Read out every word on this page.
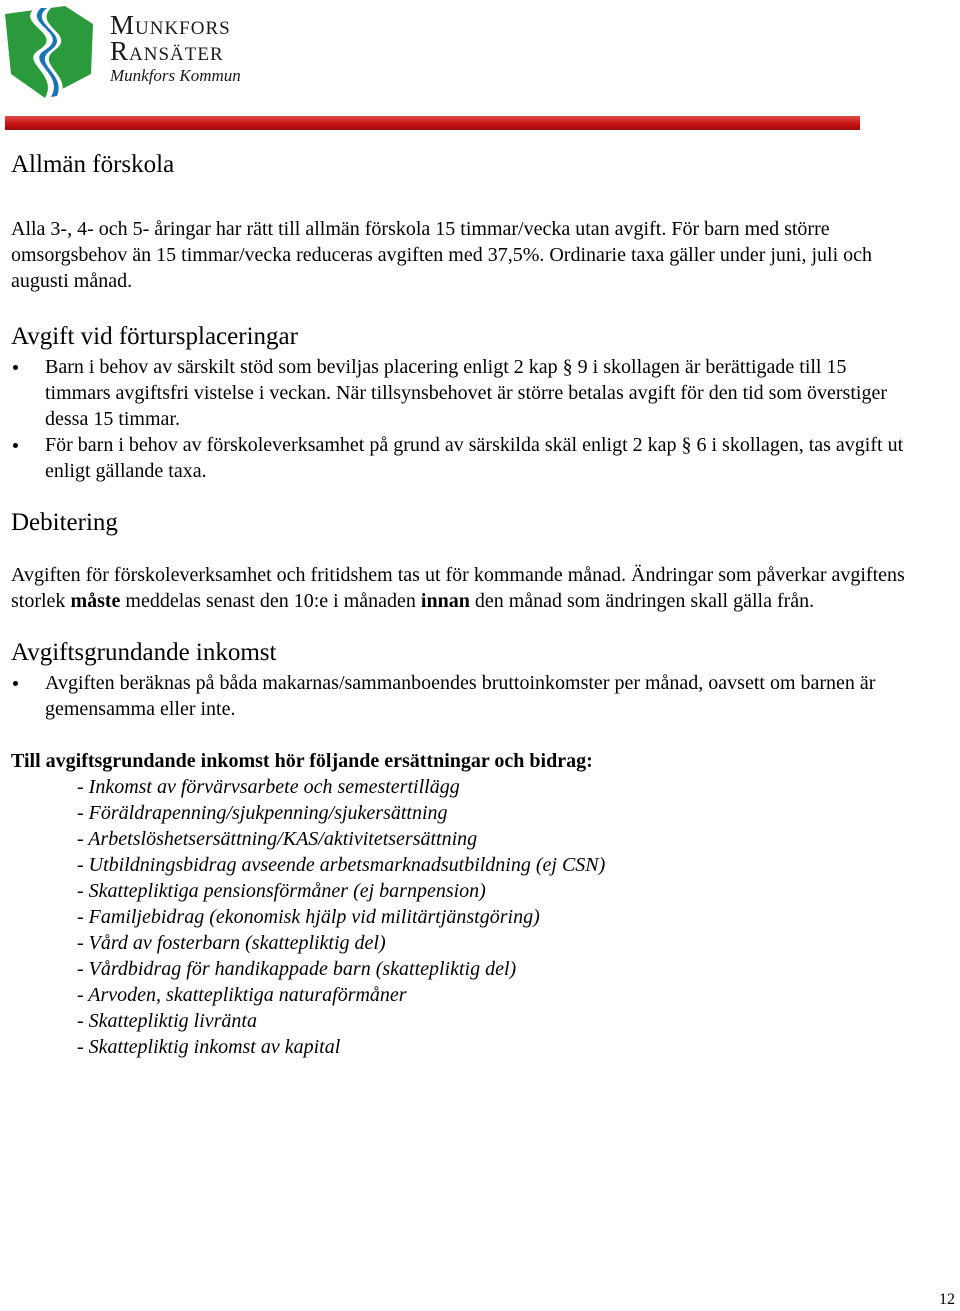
Munkfors
Ransäter
Munkfors Kommun
Allmän förskola

Alla 3-, 4- och 5- åringar har rätt till allmän förskola 15 timmar/vecka utan avgift. För barn med större omsorgsbehov än 15 timmar/vecka reduceras avgiften med 37,5%. Ordinarie taxa gäller under juni, juli och augusti månad.

Avgift vid förtursplaceringar
Barn i behov av särskilt stöd som beviljas placering enligt 2 kap § 9 i skollagen är berättigade till 15 timmars avgiftsfri vistelse i veckan. När tillsynsbehovet är större betalas avgift för den tid som överstiger dessa 15 timmar.
För barn i behov av förskoleverksamhet på grund av särskilda skäl enligt 2 kap § 6 i skollagen, tas avgift ut enligt gällande taxa.
Debitering

Avgiften för förskoleverksamhet och fritidshem tas ut för kommande månad. Ändringar som påverkar avgiftens storlek måste meddelas senast den 10:e i månaden innan den månad som ändringen skall gälla från.

Avgiftsgrundande inkomst
Avgiften beräknas på båda makarnas/sammanboendes bruttoinkomster per månad, oavsett om barnen är gemensamma eller inte.

Till avgiftsgrundande inkomst hör följande ersättningar och bidrag:

- Inkomst av förvärvsarbete och semestertillägg
- Föräldrapenning/sjukpenning/sjukersättning
- Arbetslöshetsersättning/KAS/aktivitetsersättning
- Utbildningsbidrag avseende arbetsmarknadsutbildning (ej CSN)
- Skattepliktiga pensionsförmåner (ej barnpension)
- Familjebidrag (ekonomisk hjälp vid militärtjänstgöring)
- Vård av fosterbarn (skattepliktig del)
- Vårdbidrag för handikappade barn (skattepliktig del)
- Arvoden, skattepliktiga naturaförmåner
- Skattepliktig livränta
- Skattepliktig inkomst av kapital
12
